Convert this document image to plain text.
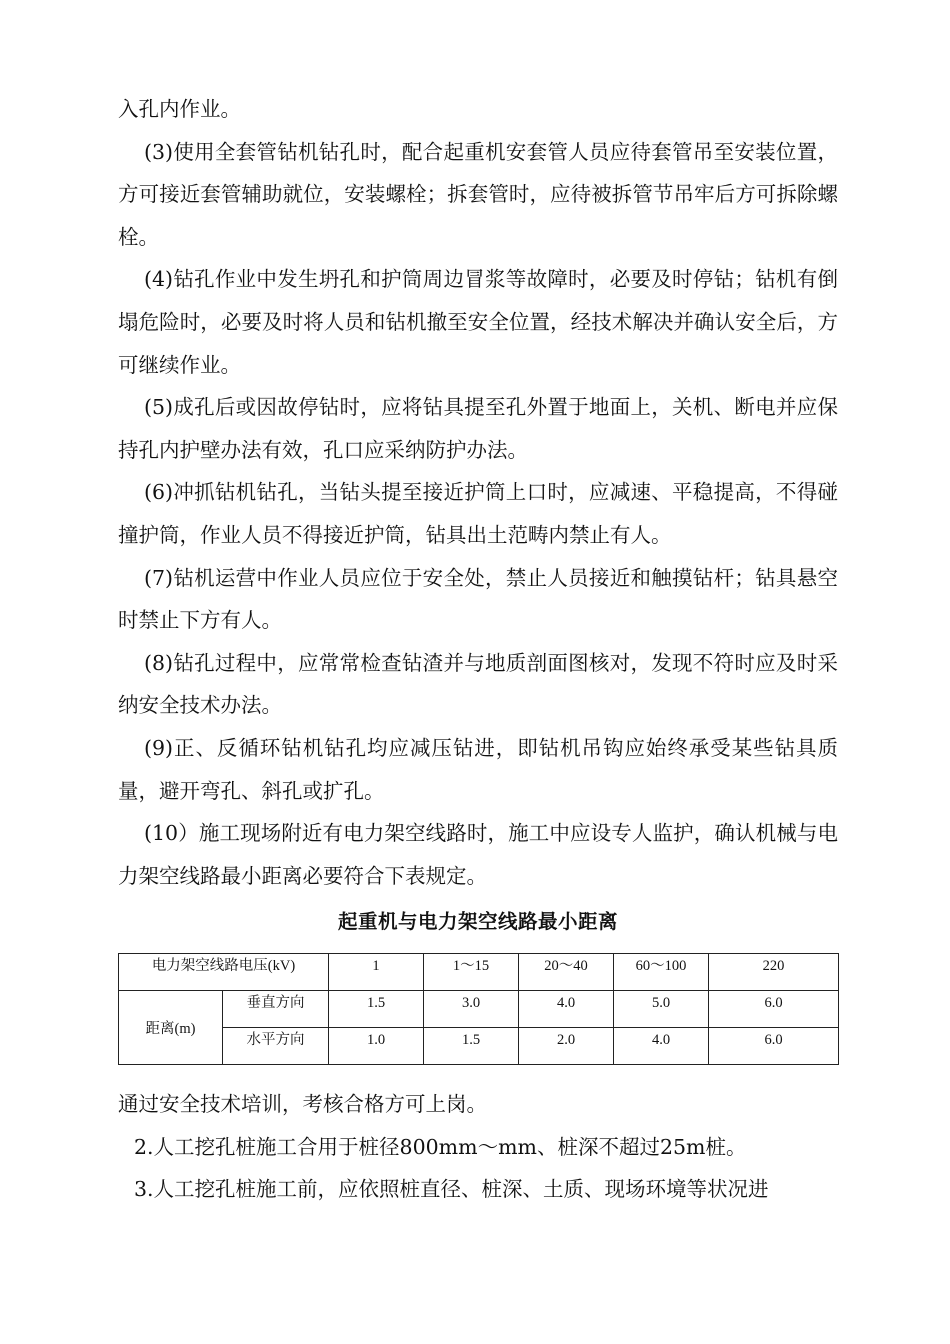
入孔内作业。

(3)使用全套管钻机钻孔时，配合起重机安套管人员应待套管吊至安装位置，方可接近套管辅助就位，安装螺栓；拆套管时，应待被拆管节吊牢后方可拆除螺栓。

(4)钻孔作业中发生坍孔和护筒周边冒浆等故障时，必要及时停钻；钻机有倒塌危险时，必要及时将人员和钻机撤至安全位置，经技术解决并确认安全后，方可继续作业。

(5)成孔后或因故停钻时，应将钻具提至孔外置于地面上，关机、断电并应保持孔内护壁办法有效，孔口应采纳防护办法。

(6)冲抓钻机钻孔，当钻头提至接近护筒上口时，应减速、平稳提高，不得碰撞护筒，作业人员不得接近护筒，钻具出土范畴内禁止有人。

(7)钻机运营中作业人员应位于安全处，禁止人员接近和触摸钻杆；钻具悬空时禁止下方有人。

(8)钻孔过程中，应常常检查钻渣并与地质剖面图核对，发现不符时应及时采纳安全技术办法。

(9)正、反循环钻机钻孔均应减压钻进，即钻机吊钩应始终承受某些钻具质量，避开弯孔、斜孔或扩孔。

(10）施工现场附近有电力架空线路时，施工中应设专人监护，确认机械与电力架空线路最小距离必要符合下表规定。

起重机与电力架空线路最小距离
电力架空线路电压(kV)		1	1～15	20～40	60～100	220
距离(m)	垂直方向	1.5	3.0	4.0	5.0	6.0
	水平方向	1.0	1.5	2.0	4.0	6.0

通过安全技术培训，考核合格方可上岗。

2.人工挖孔桩施工合用于桩径800mm～mm、桩深不超过25m桩。

3.人工挖孔桩施工前，应依照桩直径、桩深、土质、现场环境等状况进
